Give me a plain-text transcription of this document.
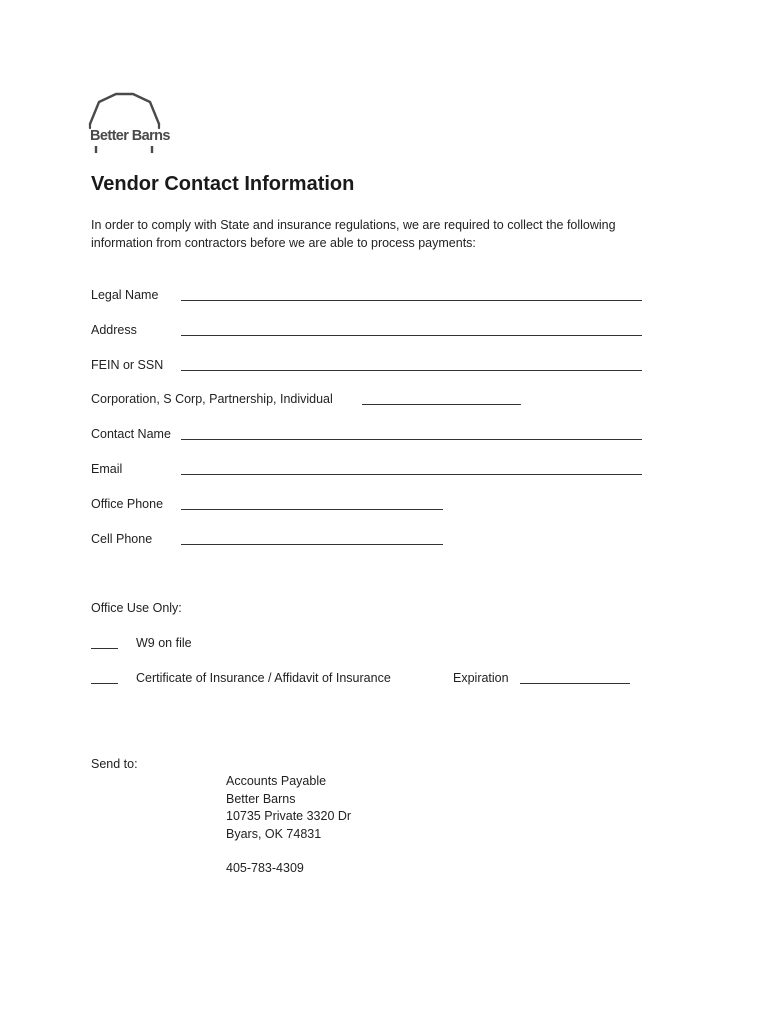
Better Barns
Vendor Contact Information
In order to comply with State and insurance regulations, we are required to collect the following
information from contractors before we are able to process payments:
Legal Name
Address
FEIN or SSN
Corporation, S Corp, Partnership, Individual
Contact Name
Email
Office Phone
Cell Phone
Office Use Only:
W9 on file
Certificate of Insurance / Affidavit of Insurance	Expiration
Send to:
Accounts Payable
Better Barns
10735 Private 3320 Dr
Byars, OK 74831
405-783-4309
